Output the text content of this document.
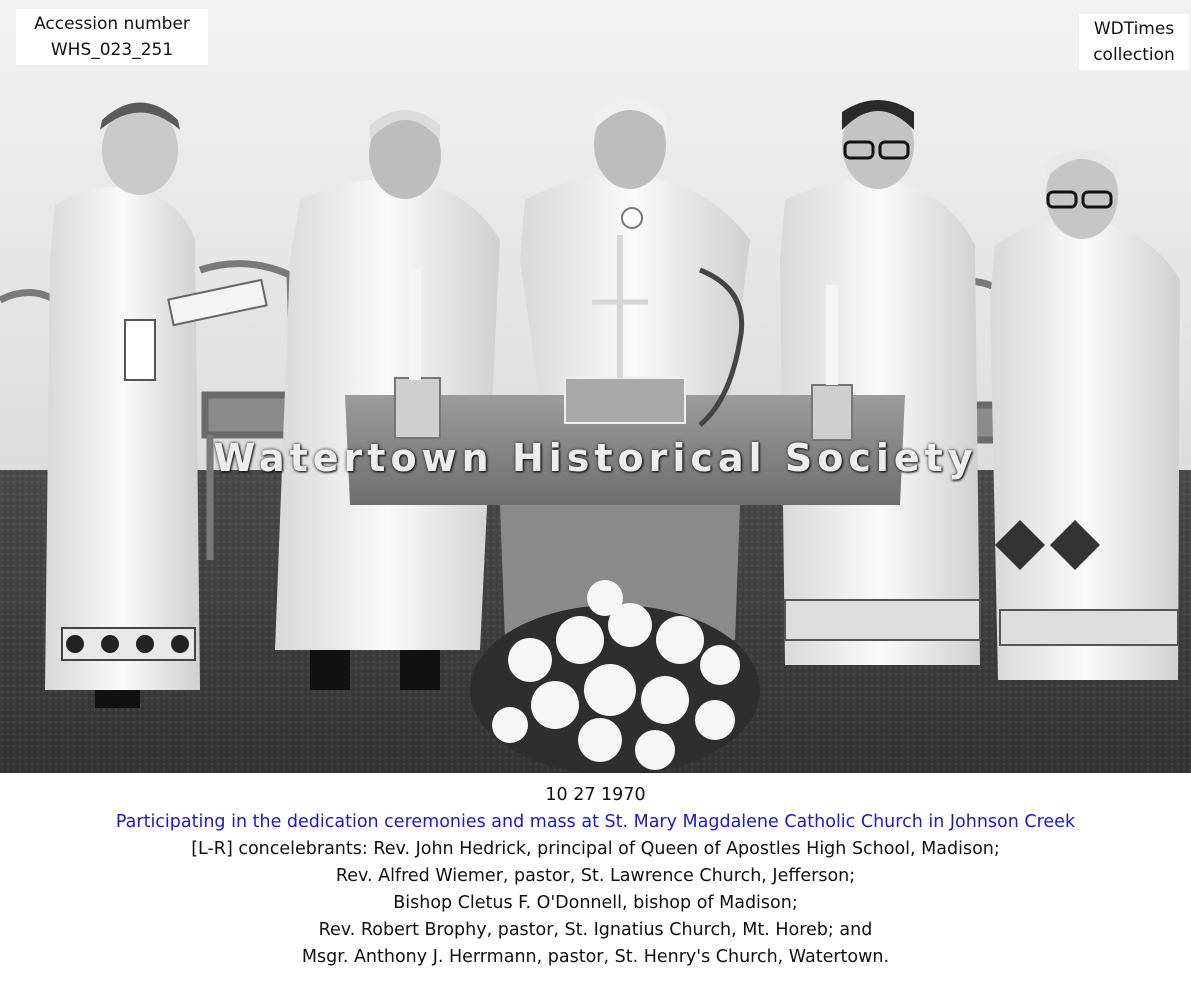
Accession number
WHS_023_251
WDTimes
collection
Watertown Historical Society
10 27 1970
Participating in the dedication ceremonies and mass at St. Mary Magdalene Catholic Church in Johnson Creek
[L-R] concelebrants: Rev. John Hedrick, principal of Queen of Apostles High School, Madison;
Rev. Alfred Wiemer, pastor, St. Lawrence Church, Jefferson;
Bishop Cletus F. O'Donnell, bishop of Madison;
Rev. Robert Brophy, pastor, St. Ignatius Church, Mt. Horeb; and
Msgr. Anthony J. Herrmann, pastor, St. Henry's Church, Watertown.
